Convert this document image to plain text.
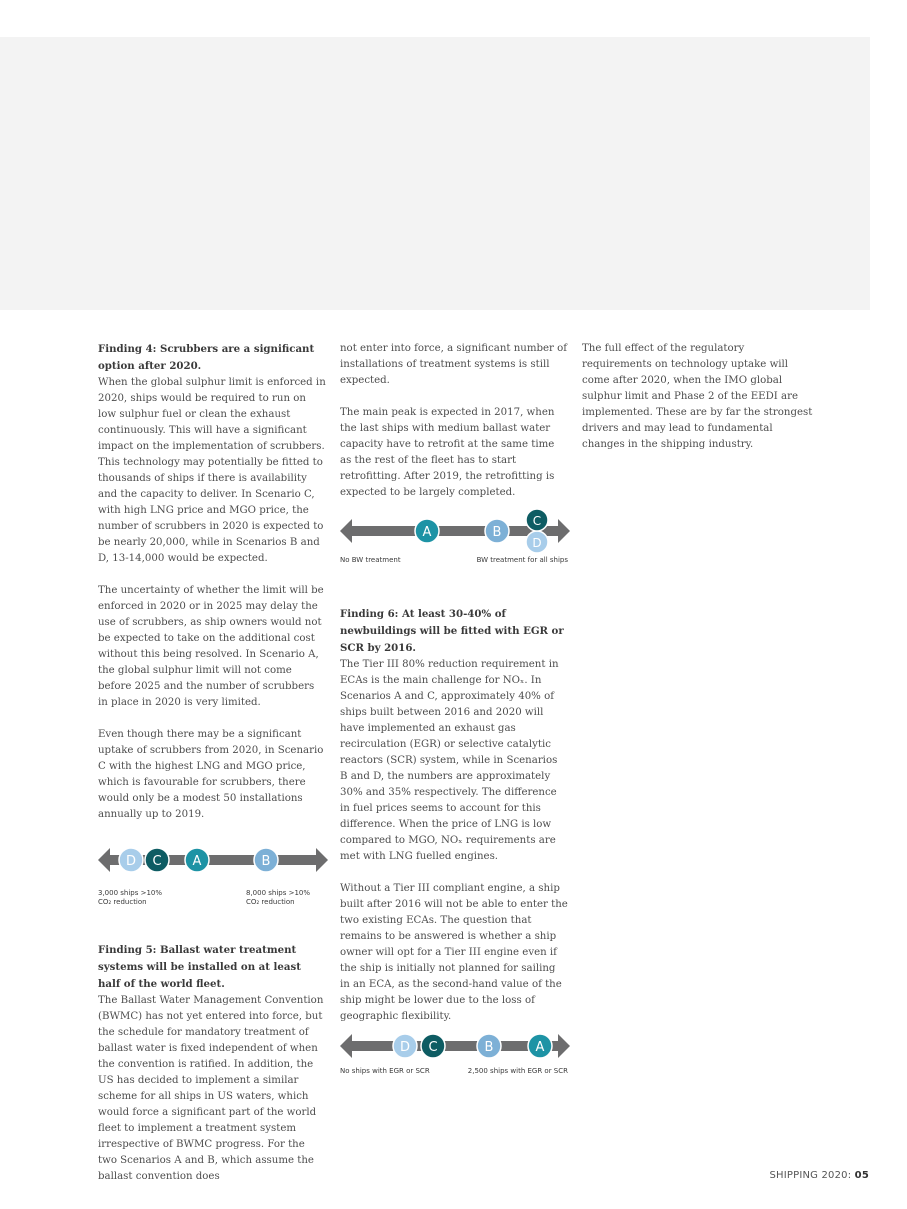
Finding 4: Scrubbers are a significant option after 2020.

When the global sulphur limit is enforced in 2020, ships would be required to run on low sulphur fuel or clean the exhaust continuously. This will have a significant impact on the implementation of scrubbers. This technology may potentially be fitted to thousands of ships if there is availability and the capacity to deliver. In Scenario C, with high LNG price and MGO price, the number of scrubbers in 2020 is expected to be nearly 20,000, while in Scenarios B and D, 13-14,000 would be expected.

The uncertainty of whether the limit will be enforced in 2020 or in 2025 may delay the use of scrubbers, as ship owners would not be expected to take on the additional cost without this being resolved. In Scenario A, the global sulphur limit will not come before 2025 and the number of scrubbers in place in 2020 is very limited.

Even though there may be a significant uptake of scrubbers from 2020, in Scenario C with the highest LNG and MGO price, which is favourable for scrubbers, there would only be a modest 50 installations annually up to 2019.

D C A	B
3,000 ships >10%
CO₂ reduction
8,000 ships >10%
CO₂ reduction

Finding 5: Ballast water treatment systems will be installed on at least half of the world fleet.

The Ballast Water Management Convention (BWMC) has not yet entered into force, but the schedule for mandatory treatment of ballast water is fixed independent of when the convention is ratified. In addition, the US has decided to implement a similar scheme for all ships in US waters, which would force a significant part of the world fleet to implement a treatment system irrespective of BWMC progress. For the two Scenarios A and B, which assume the ballast convention does

not enter into force, a significant number of installations of treatment systems is still expected.

The main peak is expected in 2017, when the last ships with medium ballast water capacity have to retrofit at the same time as the rest of the fleet has to start retrofitting. After 2019, the retrofitting is expected to be largely completed.

A	B
C
D
No BW treatment	BW treatment for all ships

Finding 6: At least 30-40% of newbuildings will be fitted with EGR or SCR by 2016.

The Tier III 80% reduction requirement in ECAs is the main challenge for NOₓ. In Scenarios A and C, approximately 40% of ships built between 2016 and 2020 will have implemented an exhaust gas recirculation (EGR) or selective catalytic reactors (SCR) system, while in Scenarios B and D, the numbers are approximately 30% and 35% respectively. The difference in fuel prices seems to account for this difference. When the price of LNG is low compared to MGO, NOₓ requirements are met with LNG fuelled engines.

Without a Tier III compliant engine, a ship built after 2016 will not be able to enter the two existing ECAs. The question that remains to be answered is whether a ship owner will opt for a Tier III engine even if the ship is initially not planned for sailing in an ECA, as the second-hand value of the ship might be lower due to the loss of geographic flexibility.

D C	B	A
No ships with EGR or SCR	2,500 ships with EGR or SCR

The full effect of the regulatory requirements on technology uptake will come after 2020, when the IMO global sulphur limit and Phase 2 of the EEDI are implemented. These are by far the strongest drivers and may lead to fundamental changes in the shipping industry.

SHIPPING 2020: 05
